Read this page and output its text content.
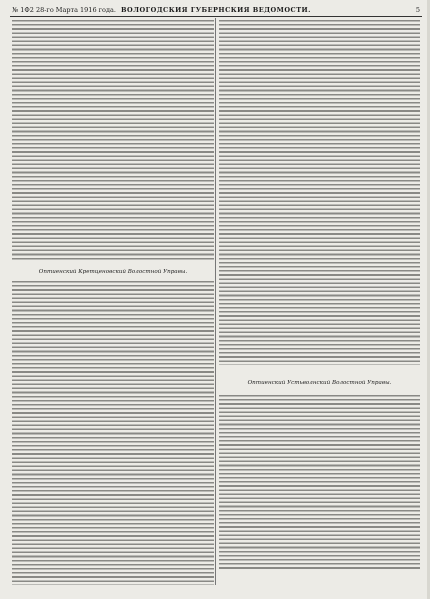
№ 1Ф2 28-го Марта 1916 года. ВОЛОГОДСКИЯ ГУБЕРНСКИЯ ВЕДОМОСТИ.	5
Оптиенский Кретценовский Волостной Управы.
Оптиенский Устьволнский Волостной Управы.
